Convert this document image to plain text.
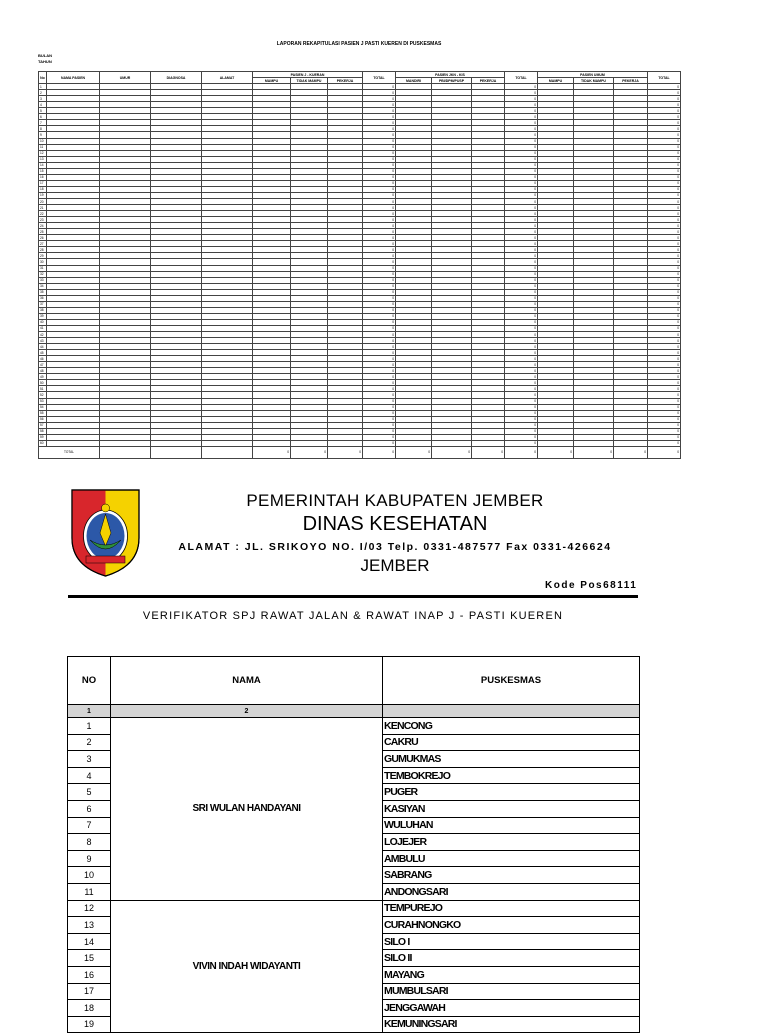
LAPORAN REKAPITULASI PASIEN J PASTI KUEREN DI PUSKESMAS
BULAN
TAHUN
No	NAMA PASIEN	UMUR	DIAGNOSA	ALAMAT	PASIEN J - KUERAN			TOTAL	PASIEN JKN - KIS			TOTAL	PASIEN UMUM			TOTAL
					MAMPU	TIDAK MAMPU	PEKERJA		MANDIRI	PBI/DPM/PUSP	PEKERJA		MAMPU	TIDAK MAMPU	PEKERJA	
1								0				0				0
2								0				0				0
3								0				0				0
4								0				0				0
5								0				0				0
6								0				0				0
7								0				0				0
8								0				0				0
9								0				0				0
10								0				0				0
11								0				0				0
12								0				0				0
13								0				0				0
14								0				0				0
15								0				0				0
16								0				0				0
17								0				0				0
18								0				0				0
19								0				0				0
20								0				0				0
21								0				0				0
22								0				0				0
23								0				0				0
24								0				0				0
25								0				0				0
26								0				0				0
27								0				0				0
28								0				0				0
29								0				0				0
30								0				0				0
31								0				0				0
32								0				0				0
33								0				0				0
34								0				0				0
35								0				0				0
36								0				0				0
37								0				0				0
38								0				0				0
39								0				0				0
40								0				0				0
41								0				0				0
42								0				0				0
43								0				0				0
44								0				0				0
45								0				0				0
46								0				0				0
47								0				0				0
48								0				0				0
49								0				0				0
50								0				0				0
51								0				0				0
52								0				0				0
53								0				0				0
54								0				0				0
55								0				0				0
56								0				0				0
57								0				0				0
58								0				0				0
59								0				0				0
60								0				0				0
TOTAL					0	0	0	0	0	0	0	0	0	0	0	0
PEMERINTAH KABUPATEN JEMBER
DINAS KESEHATAN
ALAMAT : JL. SRIKOYO NO. I/03 Telp. 0331-487577 Fax 0331-426624
JEMBER
Kode Pos68111
VERIFIKATOR SPJ RAWAT JALAN & RAWAT INAP J - PASTI KUEREN
NO	NAMA	PUSKESMAS
1	2	
1	SRI WULAN HANDAYANI	KENCONG
2		CAKRU
3		GUMUKMAS
4		TEMBOKREJO
5		PUGER
6		KASIYAN
7		WULUHAN
8		LOJEJER
9		AMBULU
10		SABRANG
11		ANDONGSARI
12	VIVIN INDAH WIDAYANTI	TEMPUREJO
13		CURAHNONGKO
14		SILO I
15		SILO II
16		MAYANG
17		MUMBULSARI
18		JENGGAWAH
19		KEMUNINGSARI
